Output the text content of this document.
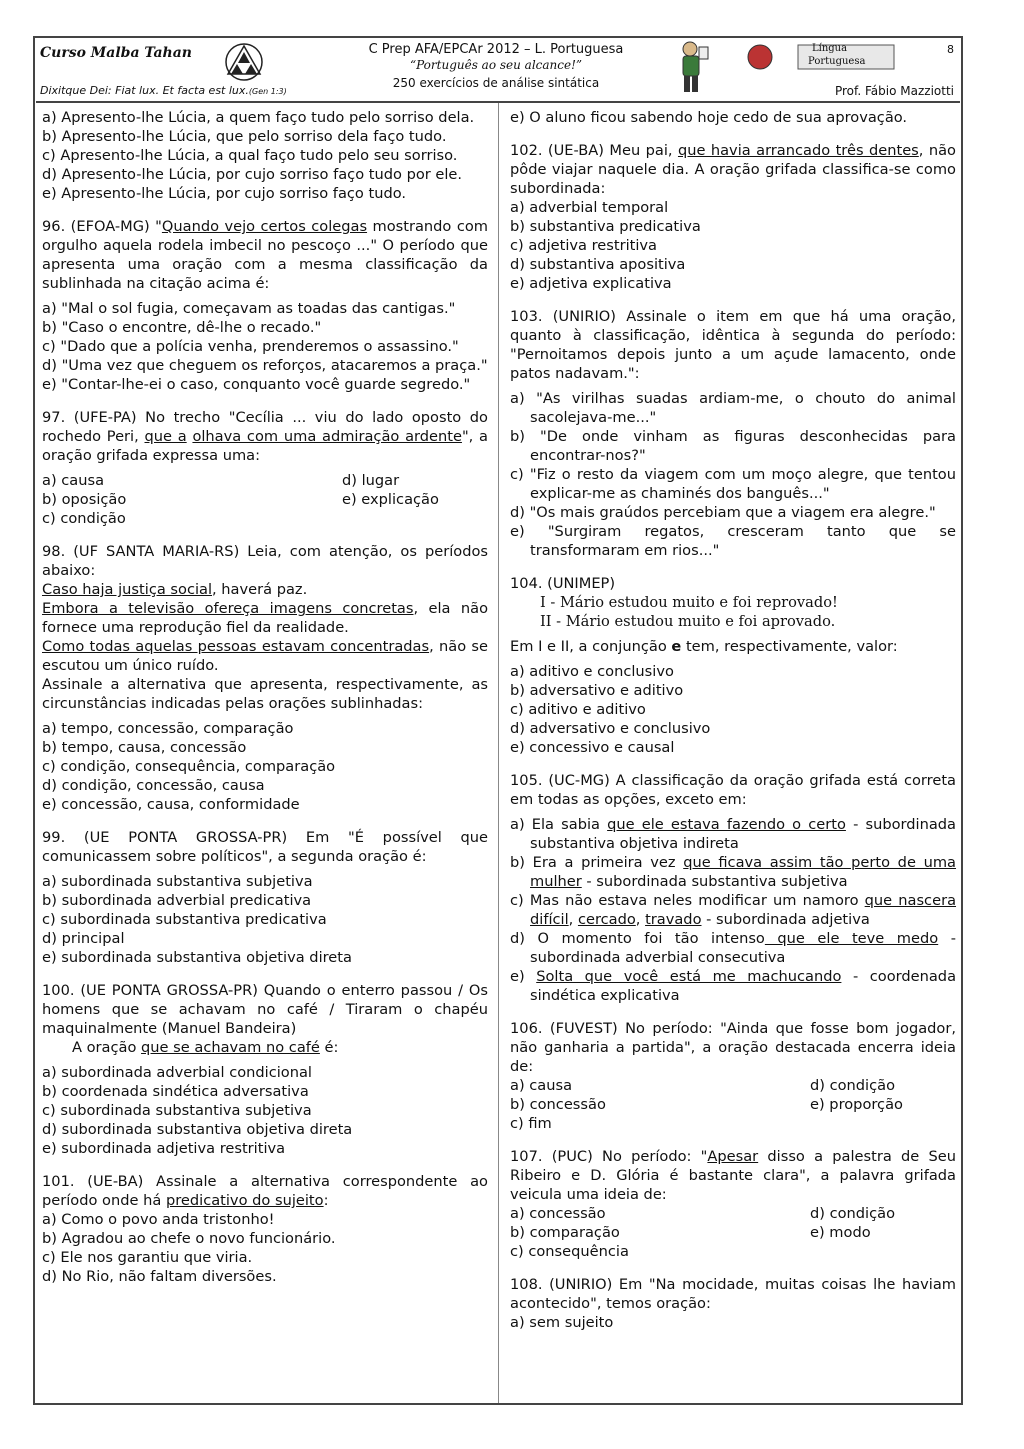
Curso Malba Tahan
Dixitque Dei: Fiat lux. Et facta est lux.(Gen 1:3)
C Prep AFA/EPCAr 2012 – L. Portuguesa
“Português ao seu alcance!”
250 exercícios de análise sintática
Língua
Portuguesa
8
Prof. Fábio Mazziotti

a) Apresento-lhe Lúcia, a quem faço tudo pelo sorriso dela.

b) Apresento-lhe Lúcia, que pelo sorriso dela faço tudo.

c) Apresento-lhe Lúcia, a qual faço tudo pelo seu sorriso.

d) Apresento-lhe Lúcia, por cujo sorriso faço tudo por ele.

e) Apresento-lhe Lúcia, por cujo sorriso faço tudo.

96. (EFOA-MG) "Quando vejo certos colegas mostrando com orgulho aquela rodela imbecil no pescoço ..." O período que apresenta uma oração com a mesma classificação da sublinhada na citação acima é:

a) "Mal o sol fugia, começavam as toadas das cantigas."

b) "Caso o encontre, dê-lhe o recado."

c) "Dado que a polícia venha, prenderemos o assassino."

d) "Uma vez que cheguem os reforços, atacaremos a praça."

e) "Contar-lhe-ei o caso, conquanto você guarde segredo."

97. (UFE-PA) No trecho "Cecília ... viu do lado oposto do rochedo Peri, que a olhava com uma admiração ardente", a oração grifada expressa uma:

a) causa	d) lugar
b) oposição	e) explicação

c) condição

98. (UF SANTA MARIA-RS) Leia, com atenção, os períodos abaixo:

Caso haja justiça social, haverá paz.

Embora a televisão ofereça imagens concretas, ela não fornece uma reprodução fiel da realidade.

Como todas aquelas pessoas estavam concentradas, não se escutou um único ruído.

Assinale a alternativa que apresenta, respectivamente, as circunstâncias indicadas pelas orações sublinhadas:

a) tempo, concessão, comparação

b) tempo, causa, concessão

c) condição, consequência, comparação

d) condição, concessão, causa

e) concessão, causa, conformidade

99. (UE PONTA GROSSA-PR) Em "É possível que comunicassem sobre políticos", a segunda oração é:

a) subordinada substantiva subjetiva

b) subordinada adverbial predicativa

c) subordinada substantiva predicativa

d) principal

e) subordinada substantiva objetiva direta

100. (UE PONTA GROSSA-PR) Quando o enterro passou / Os homens que se achavam no café / Tiraram o chapéu maquinalmente (Manuel Bandeira)

A oração que se achavam no café é:

a) subordinada adverbial condicional

b) coordenada sindética adversativa

c) subordinada substantiva subjetiva

d) subordinada substantiva objetiva direta

e) subordinada adjetiva restritiva

101. (UE-BA) Assinale a alternativa correspondente ao período onde há predicativo do sujeito:

a) Como o povo anda tristonho!

b) Agradou ao chefe o novo funcionário.

c) Ele nos garantiu que viria.

d) No Rio, não faltam diversões.

e) O aluno ficou sabendo hoje cedo de sua aprovação.

102. (UE-BA) Meu pai, que havia arrancado três dentes, não pôde viajar naquele dia. A oração grifada classifica-se como subordinada:

a) adverbial temporal

b) substantiva predicativa

c) adjetiva restritiva

d) substantiva apositiva

e) adjetiva explicativa

103. (UNIRIO) Assinale o item em que há uma oração, quanto à classificação, idêntica à segunda do período: "Pernoitamos depois junto a um açude lamacento, onde patos nadavam.":

a) "As virilhas suadas ardiam-me, o chouto do animal sacolejava-me..."

b) "De onde vinham as figuras desconhecidas para encontrar-nos?"

c) "Fiz o resto da viagem com um moço alegre, que tentou explicar-me as chaminés dos banguês..."

d) "Os mais graúdos percebiam que a viagem era alegre."

e) "Surgiram regatos, cresceram tanto que se transformaram em rios..."

104. (UNIMEP)

I - Mário estudou muito e foi reprovado!

II - Mário estudou muito e foi aprovado.

Em I e II, a conjunção e tem, respectivamente, valor:

a) aditivo e conclusivo

b) adversativo e aditivo

c) aditivo e aditivo

d) adversativo e conclusivo

e) concessivo e causal

105. (UC-MG) A classificação da oração grifada está correta em todas as opções, exceto em:

a) Ela sabia que ele estava fazendo o certo - subordinada substantiva objetiva indireta

b) Era a primeira vez que ficava assim tão perto de uma mulher - subordinada substantiva subjetiva

c) Mas não estava neles modificar um namoro que nascera difícil, cercado, travado - subordinada adjetiva

d) O momento foi tão intenso que ele teve medo - subordinada adverbial consecutiva

e) Solta que você está me machucando - coordenada sindética explicativa

106. (FUVEST) No período: "Ainda que fosse bom jogador, não ganharia a partida", a oração destacada encerra ideia de:

a) causa	d) condição
b) concessão	e) proporção

c) fim

107. (PUC) No período: "Apesar disso a palestra de Seu Ribeiro e D. Glória é bastante clara", a palavra grifada veicula uma ideia de:

a) concessão	d) condição
b) comparação	e) modo

c) consequência

108. (UNIRIO) Em "Na mocidade, muitas coisas lhe haviam acontecido", temos oração:

a) sem sujeito
